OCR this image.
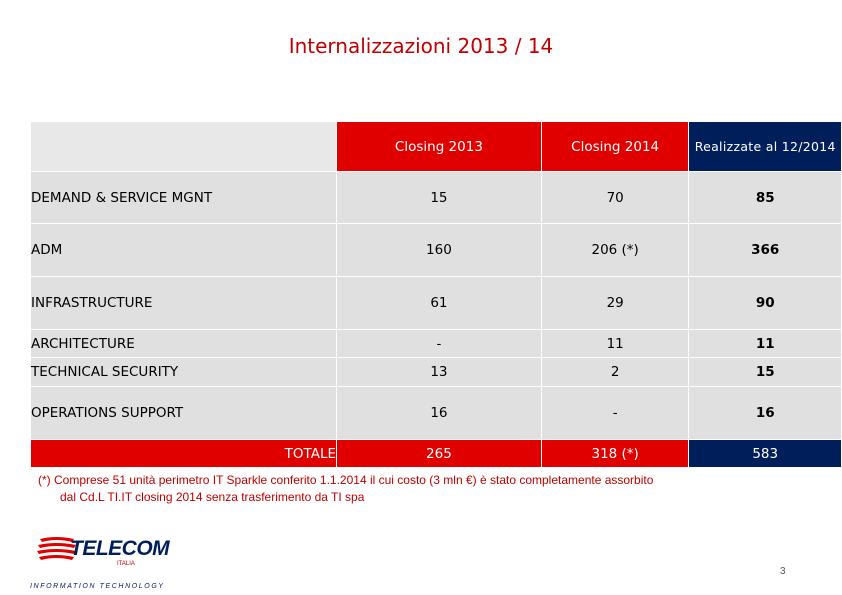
Internalizzazioni 2013 / 14
	Closing 2013	Closing 2014	Realizzate al 12/2014
DEMAND & SERVICE MGNT	15	70	85
ADM	160	206 (*)	366
INFRASTRUCTURE	61	29	90
ARCHITECTURE	-	11	11
TECHNICAL SECURITY	13	2	15
OPERATIONS SUPPORT	16	-	16
TOTALE	265	318 (*)	583
(*) Comprese 51 unità perimetro IT Sparkle conferito 1.1.2014 il cui costo (3 mln €) è stato completamente assorbito
dal Cd.L TI.IT closing 2014 senza trasferimento da TI spa
TELECOM
ITALIA
INFORMATION TECHNOLOGY
3
